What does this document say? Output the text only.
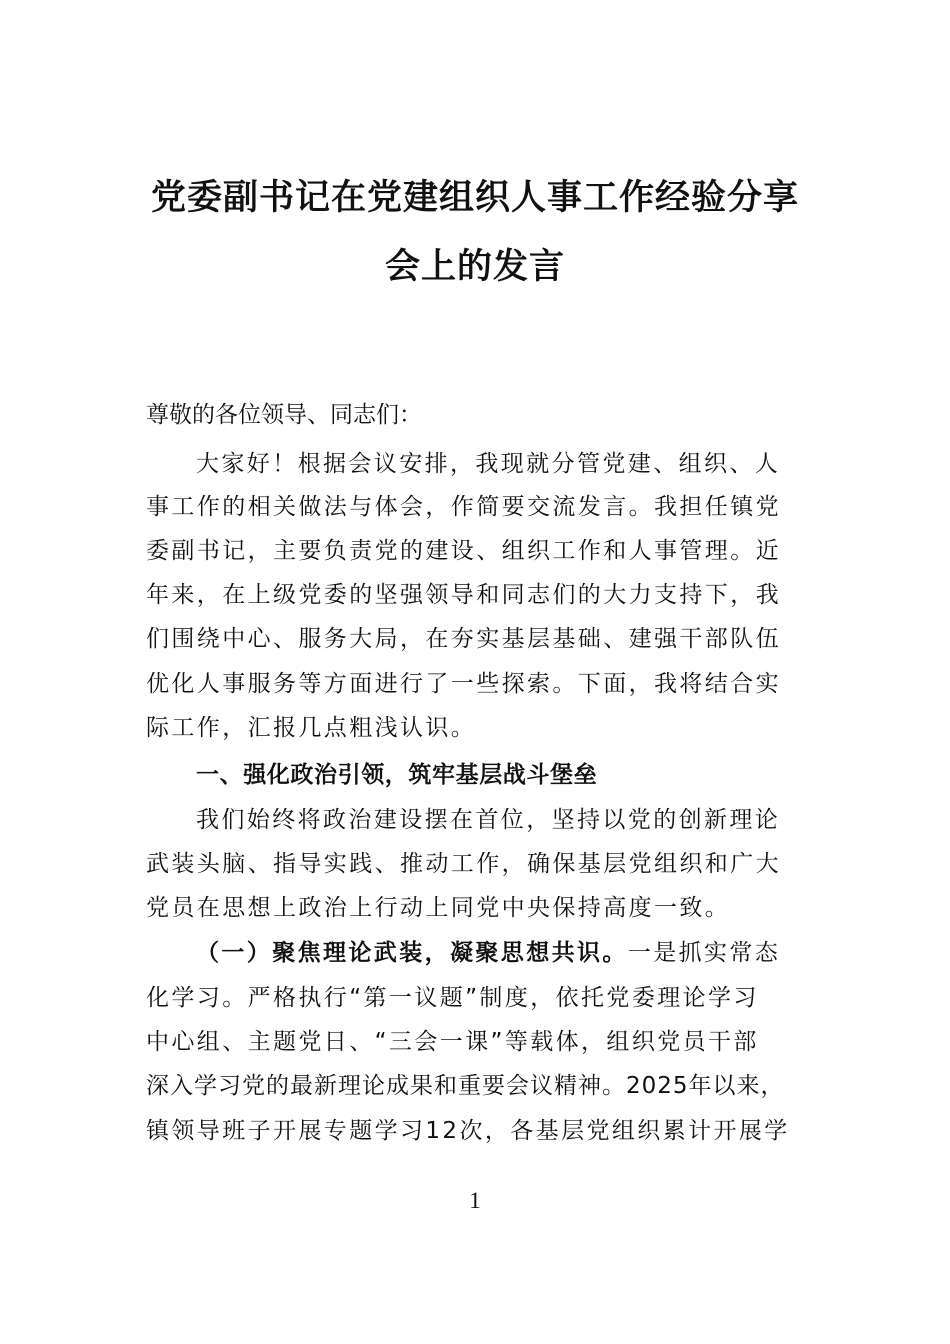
党委副书记在党建组织人事工作经验分享
会上的发言
尊敬的各位领导、同志们：
大家好！根据会议安排，我现就分管党建、组织、人
事工作的相关做法与体会，作简要交流发言。我担任镇党
委副书记，主要负责党的建设、组织工作和人事管理。近
年来，在上级党委的坚强领导和同志们的大力支持下，我
们围绕中心、服务大局，在夯实基层基础、建强干部队伍
优化人事服务等方面进行了一些探索。下面，我将结合实
际工作，汇报几点粗浅认识。
一、强化政治引领，筑牢基层战斗堡垒
我们始终将政治建设摆在首位，坚持以党的创新理论
武装头脑、指导实践、推动工作，确保基层党组织和广大
党员在思想上政治上行动上同党中央保持高度一致。
（一）聚焦理论武装，凝聚思想共识。一是抓实常态
化学习。严格执行“第一议题”制度，依托党委理论学习
中心组、主题党日、“三会一课”等载体，组织党员干部
深入学习党的最新理论成果和重要会议精神。2025年以来，
镇领导班子开展专题学习12次，各基层党组织累计开展学
1
